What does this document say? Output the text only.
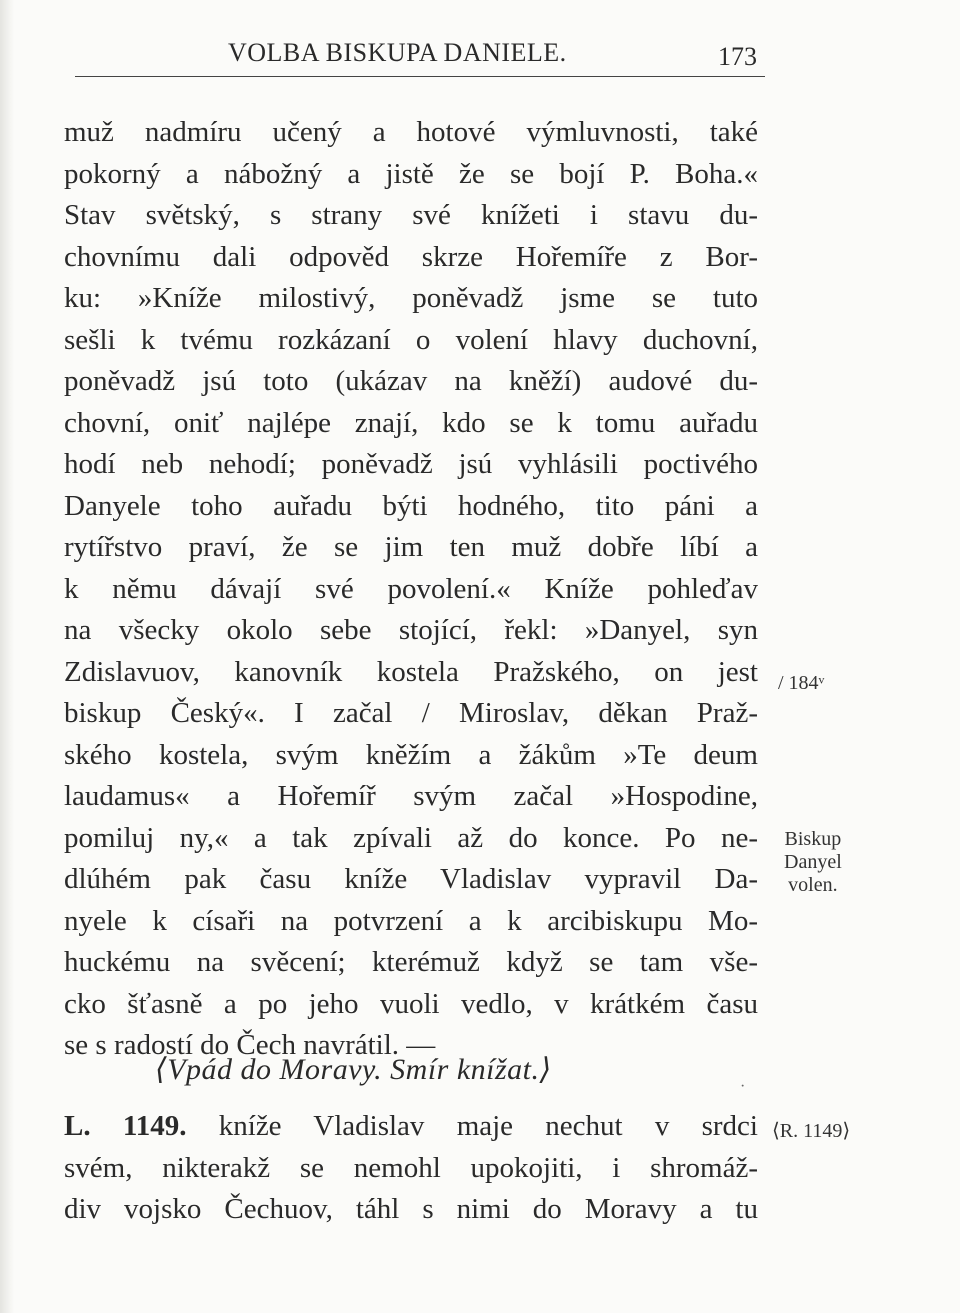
VOLBA BISKUPA DANIELE.	173
muž nadmíru učený a hotové výmluvnosti, také
pokorný a nábožný a jistě že se bojí P. Boha.«
Stav světský, s strany své knížeti i stavu du-
chovnímu dali odpověd skrze Hořemíře z Bor-
ku: »Kníže milostivý, poněvadž jsme se tuto
sešli k tvému rozkázaní o volení hlavy duchovní,
poněvadž jsú toto (ukázav na kněží) audové du-
chovní, oniť najlépe znají, kdo se k tomu auřadu
hodí neb nehodí; poněvadž jsú vyhlásili poctivého
Danyele toho auřadu býti hodného, tito páni a
rytířstvo praví, že se jim ten muž dobře líbí a
k němu dávají své povolení.« Kníže pohleďav
na všecky okolo sebe stojící, řekl: »Danyel, syn
Zdislavuov, kanovník kostela Pražského, on jest
biskup Český«. I začal / Miroslav, děkan Praž-
ského kostela, svým kněžím a žákům »Te deum
laudamus« a Hořemíř svým začal »Hospodine,
pomiluj ny,« a tak zpívali až do konce. Po ne-
dlúhém pak času kníže Vladislav vypravil Da-
nyele k císaři na potvrzení a k arcibiskupu Mo-
huckému na svěcení; kterémuž když se tam vše-
cko šťasně a po jeho vuoli vedlo, v krátkém času
se s radostí do Čech navrátil. —
/ 184ᵛ
Biskup
Danyel
volen.
⟨Vpád do Moravy. Smír knížat.⟩
·
L. 1149. kníže Vladislav maje nechut v srdci
svém, nikterakž se nemohl upokojiti, i shromáž-
div vojsko Čechuov, táhl s nimi do Moravy a tu
⟨R. 1149⟩
